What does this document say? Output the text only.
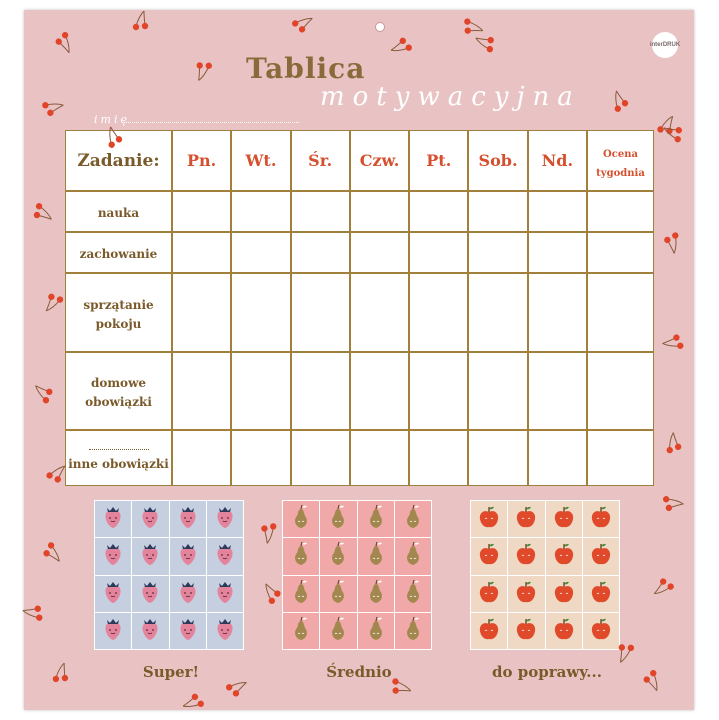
inter DRUK
Tablica
motywacyjna
imię
Zadanie:	Pn.	Wt.	Śr.	Czw.	Pt.	Sob.	Nd.	Ocena tygodnia
nauka								
zachowanie								
sprzątanie pokoju								
domowe obowiązki								

inne obowiązki								

Super!	Średnio	do poprawy...
